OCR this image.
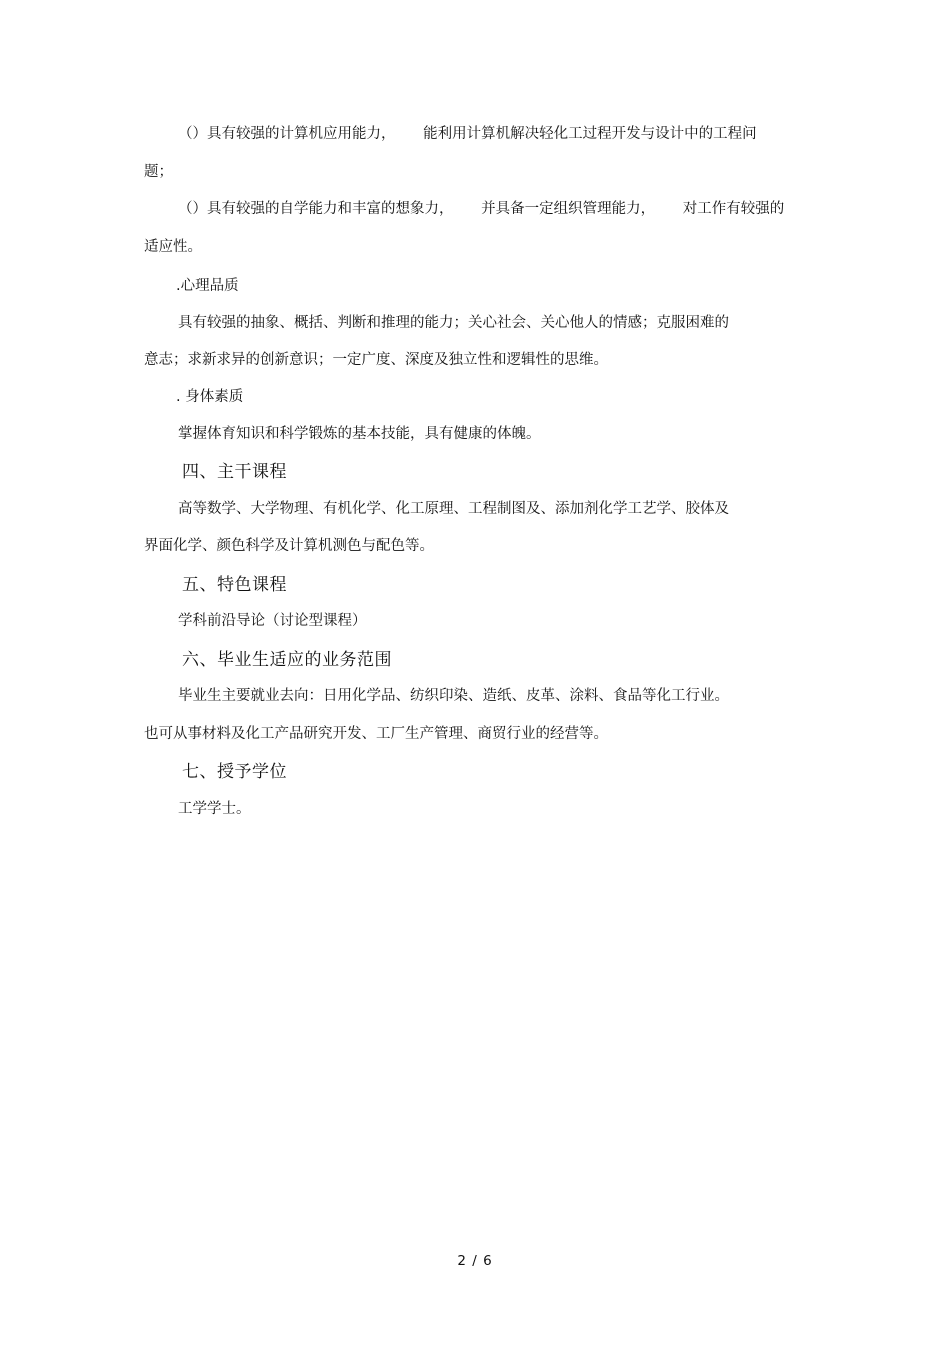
（）具有较强的计算机应用能力，      能利用计算机解决轻化工过程开发与设计中的工程问
题；
（）具有较强的自学能力和丰富的想象力，      并具备一定组织管理能力，      对工作有较强的
适应性。
.心理品质
具有较强的抽象、概括、判断和推理的能力；关心社会、关心他人的情感；克服困难的
意志；求新求异的创新意识；一定广度、深度及独立性和逻辑性的思维。
. 身体素质
掌握体育知识和科学锻炼的基本技能，具有健康的体魄。
四、主干课程
高等数学、大学物理、有机化学、化工原理、工程制图及、添加剂化学工艺学、胶体及
界面化学、颜色科学及计算机测色与配色等。
五、特色课程
学科前沿导论（讨论型课程）
六、毕业生适应的业务范围
毕业生主要就业去向：日用化学品、纺织印染、造纸、皮革、涂料、食品等化工行业。
也可从事材料及化工产品研究开发、工厂生产管理、商贸行业的经营等。
七、授予学位
工学学士。
2 / 6
